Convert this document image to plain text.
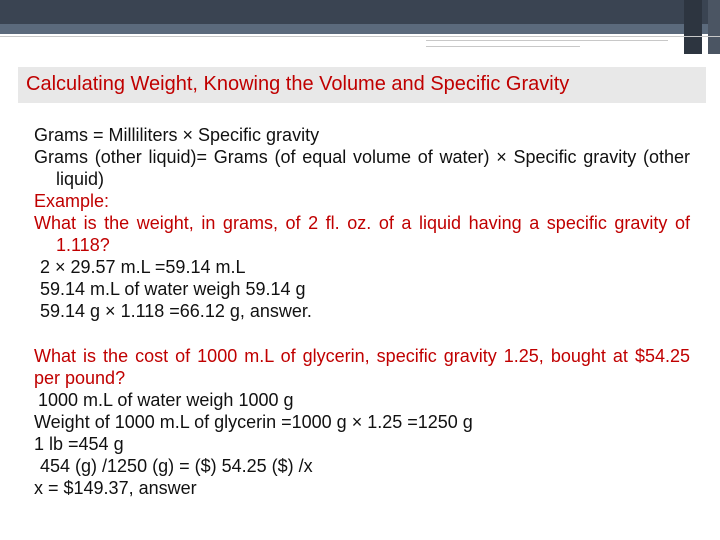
Calculating Weight, Knowing the Volume and Specific Gravity

Grams = Milliliters × Specific gravity

Grams (other liquid)= Grams (of equal volume of water) × Specific gravity (other liquid)

Example:

What is the weight, in grams, of 2 fl. oz. of a liquid having a specific gravity of 1.118?

2 × 29.57 m.L =59.14 m.L

59.14 m.L of water weigh 59.14 g

59.14 g × 1.118 =66.12 g, answer.

What is the cost of 1000 m.L of glycerin, specific gravity 1.25, bought at $54.25 per pound?

1000 m.L of water weigh 1000 g

Weight of 1000 m.L of glycerin =1000 g × 1.25 =1250 g

1 lb =454 g

454 (g) /1250 (g) = ($) 54.25 ($) /x

x = $149.37, answer
